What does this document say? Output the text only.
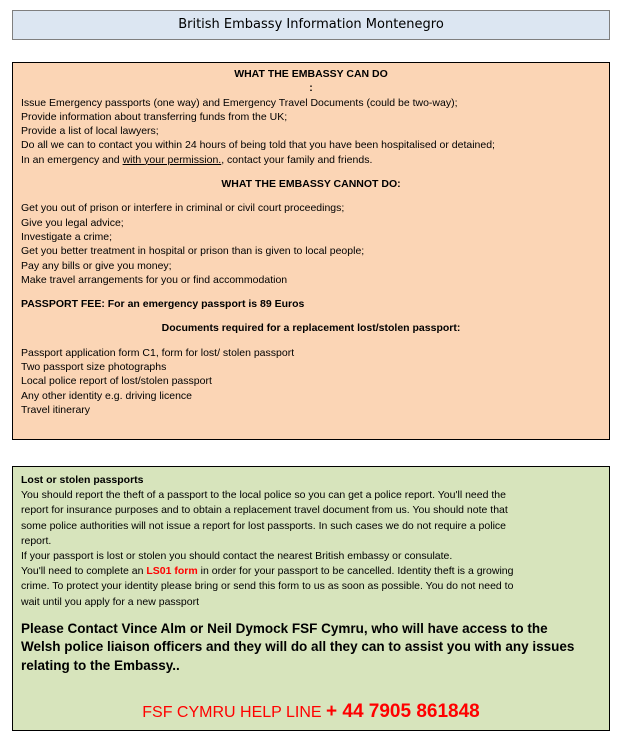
British Embassy Information Montenegro
WHAT THE EMBASSY CAN DO
:
Issue Emergency passports (one way) and Emergency Travel Documents (could be two-way);
Provide information about transferring funds from the UK;
Provide a list of local lawyers;
Do all we can to contact you within 24 hours of being told that you have been hospitalised or detained;
In an emergency and with your permission., contact your family and friends.
WHAT THE EMBASSY CANNOT DO:
Get you out of prison or interfere in criminal or civil court proceedings;
Give you legal advice;
Investigate a crime;
Get you better treatment in hospital or prison than is given to local people;
Pay any bills or give you money;
Make travel arrangements for you or find accommodation
PASSPORT FEE: For an emergency passport is 89 Euros
Documents required for a replacement lost/stolen passport:
Passport application form C1, form for lost/ stolen passport
Two passport size photographs
Local police report of lost/stolen passport
Any other identity e.g. driving licence
Travel itinerary
Lost or stolen passports
You should report the theft of a passport to the local police so you can get a police report. You'll need the
report for insurance purposes and to obtain a replacement travel document from us. You should note that
some police authorities will not issue a report for lost passports. In such cases we do not require a police
report.
If your passport is lost or stolen you should contact the nearest British embassy or consulate.
You'll need to complete an LS01 form in order for your passport to be cancelled. Identity theft is a growing
crime. To protect your identity please bring or send this form to us as soon as possible. You do not need to
wait until you apply for a new passport
Please Contact Vince Alm or Neil Dymock FSF Cymru, who will have access to the
Welsh police liaison officers and they will do all they can to assist you with any issues
relating to the Embassy..
FSF CYMRU HELP LINE + 44 7905 861848
